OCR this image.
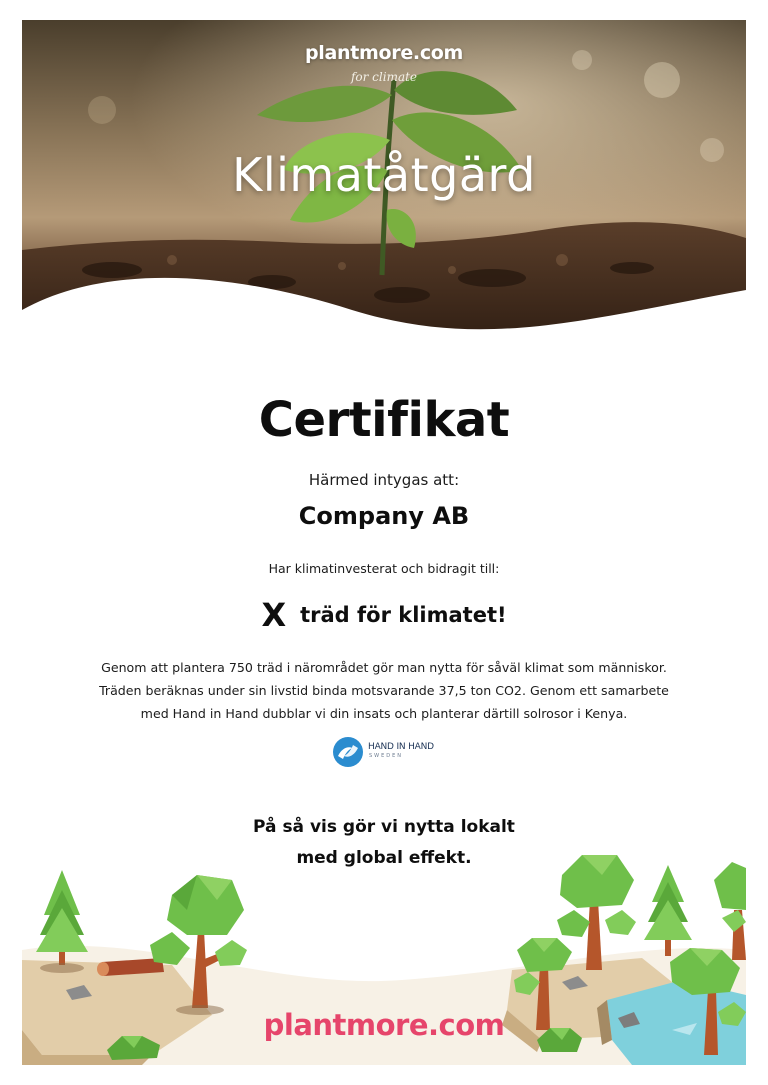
plantmore.com
for climate
Klimatåtgärd
Certifikat
Härmed intygas att:
Company AB
Har klimatinvesterat och bidragit till:
Xträd för klimatet!

Genom att plantera 750 träd i närområdet gör man nytta för såväl klimat som människor.

Träden beräknas under sin livstid binda motsvarande 37,5 ton CO2. Genom ett samarbete

med Hand in Hand dubblar vi din insats och planterar därtill solrosor i Kenya.

HAND IN HAND
SWEDEN

På så vis gör vi nytta lokalt

med global effekt.

plantmore.com
